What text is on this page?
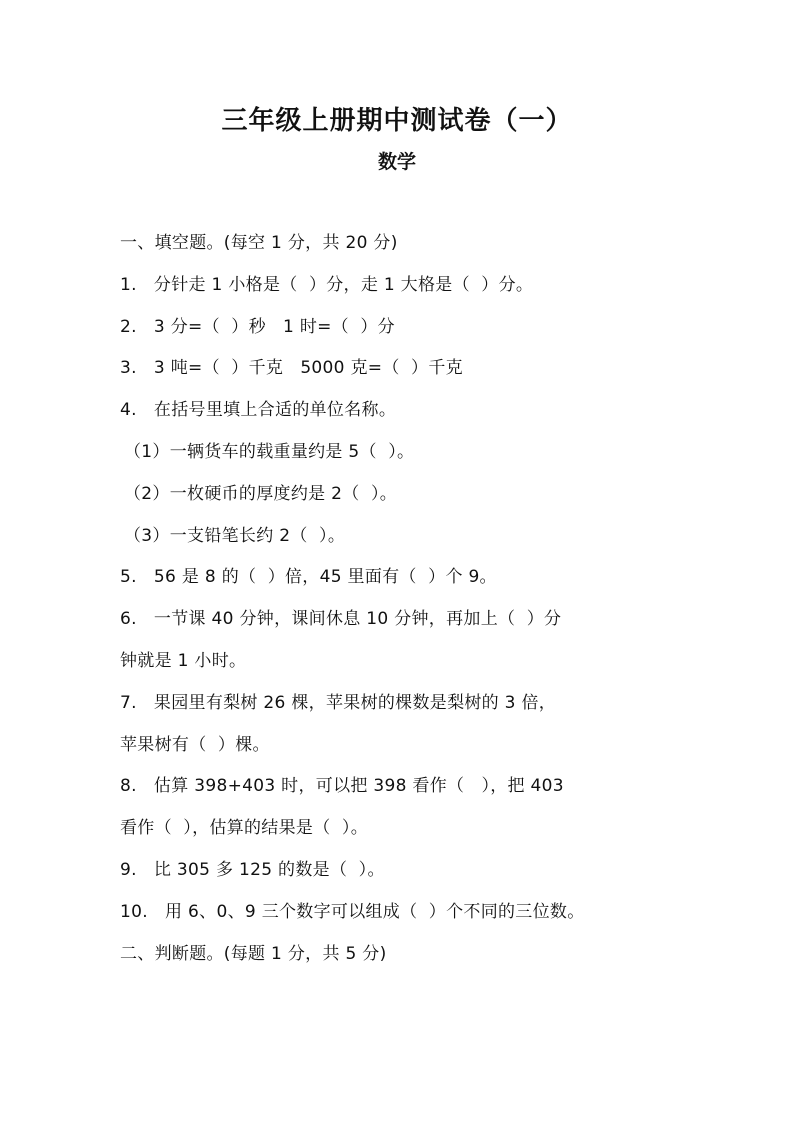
三年级上册期中测试卷（一）
数学
一、填空题。(每空 1 分，共 20 分)
1.   分针走 1 小格是（  ）分，走 1 大格是（  ）分。
2.   3 分=（  ）秒   1 时=（  ）分
3.   3 吨=（  ）千克   5000 克=（  ）千克
4.   在括号里填上合适的单位名称。
（1）一辆货车的载重量约是 5（  ）。
（2）一枚硬币的厚度约是 2（  ）。
（3）一支铅笔长约 2（  ）。
5.   56 是 8 的（  ）倍，45 里面有（  ）个 9。
6.   一节课 40 分钟，课间休息 10 分钟，再加上（  ）分
钟就是 1 小时。
7.   果园里有梨树 26 棵，苹果树的棵数是梨树的 3 倍，
苹果树有（  ）棵。
8.   估算 398+403 时，可以把 398 看作（   ），把 403
看作（  ），估算的结果是（  ）。
9.   比 305 多 125 的数是（  ）。
10.   用 6、0、9 三个数字可以组成（  ）个不同的三位数。
二、判断题。(每题 1 分，共 5 分)
